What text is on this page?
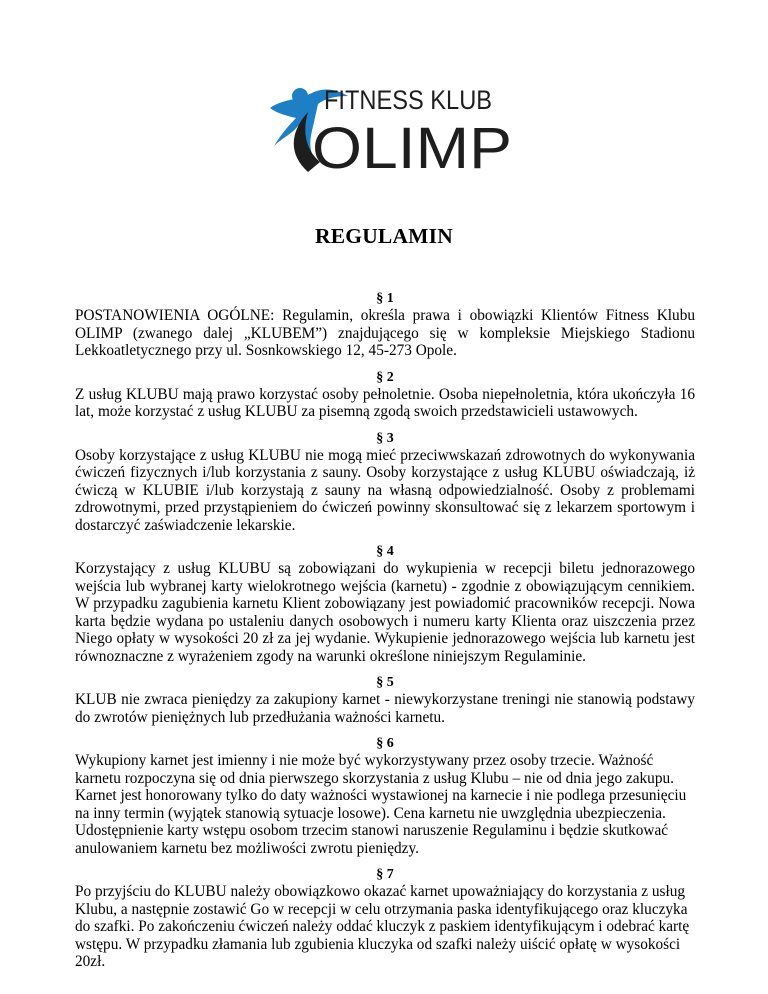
FITNESS KLUB
OLIMP
REGULAMIN

§ 1

POSTANOWIENIA OGÓLNE: Regulamin, określa prawa i obowiązki Klientów Fitness Klubu OLIMP (zwanego dalej „KLUBEM”) znajdującego się w kompleksie Miejskiego Stadionu Lekkoatletycznego przy ul. Sosnkowskiego 12, 45-273 Opole.

§ 2

Z usług KLUBU mają prawo korzystać osoby pełnoletnie. Osoba niepełnoletnia, która ukończyła 16 lat, może korzystać z usług KLUBU za pisemną zgodą swoich przedstawicieli ustawowych.

§ 3

Osoby korzystające z usług KLUBU nie mogą mieć przeciwwskazań zdrowotnych do wykonywania ćwiczeń fizycznych i/lub korzystania z sauny. Osoby korzystające z usług KLUBU oświadczają, iż ćwiczą w KLUBIE i/lub korzystają z sauny na własną odpowiedzialność. Osoby z problemami zdrowotnymi, przed przystąpieniem do ćwiczeń powinny skonsultować się z lekarzem sportowym i dostarczyć zaświadczenie lekarskie.

§ 4

Korzystający z usług KLUBU są zobowiązani do wykupienia w recepcji biletu jednorazowego wejścia lub wybranej karty wielokrotnego wejścia (karnetu) - zgodnie z obowiązującym cennikiem. W przypadku zagubienia karnetu Klient zobowiązany jest powiadomić pracowników recepcji. Nowa karta będzie wydana po ustaleniu danych osobowych i numeru karty Klienta oraz uiszczenia przez Niego opłaty w wysokości 20 zł za jej wydanie. Wykupienie jednorazowego wejścia lub karnetu jest równoznaczne z wyrażeniem zgody na warunki określone niniejszym Regulaminie.

§ 5

KLUB nie zwraca pieniędzy za zakupiony karnet - niewykorzystane treningi nie stanowią podstawy do zwrotów pieniężnych lub przedłużania ważności karnetu.

§ 6

Wykupiony karnet jest imienny i nie może być wykorzystywany przez osoby trzecie. Ważność karnetu rozpoczyna się od dnia pierwszego skorzystania z usług Klubu – nie od dnia jego zakupu. Karnet jest honorowany tylko do daty ważności wystawionej na karnecie i nie podlega przesunięciu na inny termin (wyjątek stanowią sytuacje losowe). Cena karnetu nie uwzględnia ubezpieczenia. Udostępnienie karty wstępu osobom trzecim stanowi naruszenie Regulaminu i będzie skutkować anulowaniem karnetu bez możliwości zwrotu pieniędzy.

§ 7

Po przyjściu do KLUBU należy obowiązkowo okazać karnet upoważniający do korzystania z usług Klubu, a następnie zostawić Go w recepcji w celu otrzymania paska identyfikującego oraz kluczyka do szafki. Po zakończeniu ćwiczeń należy oddać kluczyk z paskiem identyfikującym i odebrać kartę wstępu. W przypadku złamania lub zgubienia kluczyka od szafki należy uiścić opłatę w wysokości 20zł.
